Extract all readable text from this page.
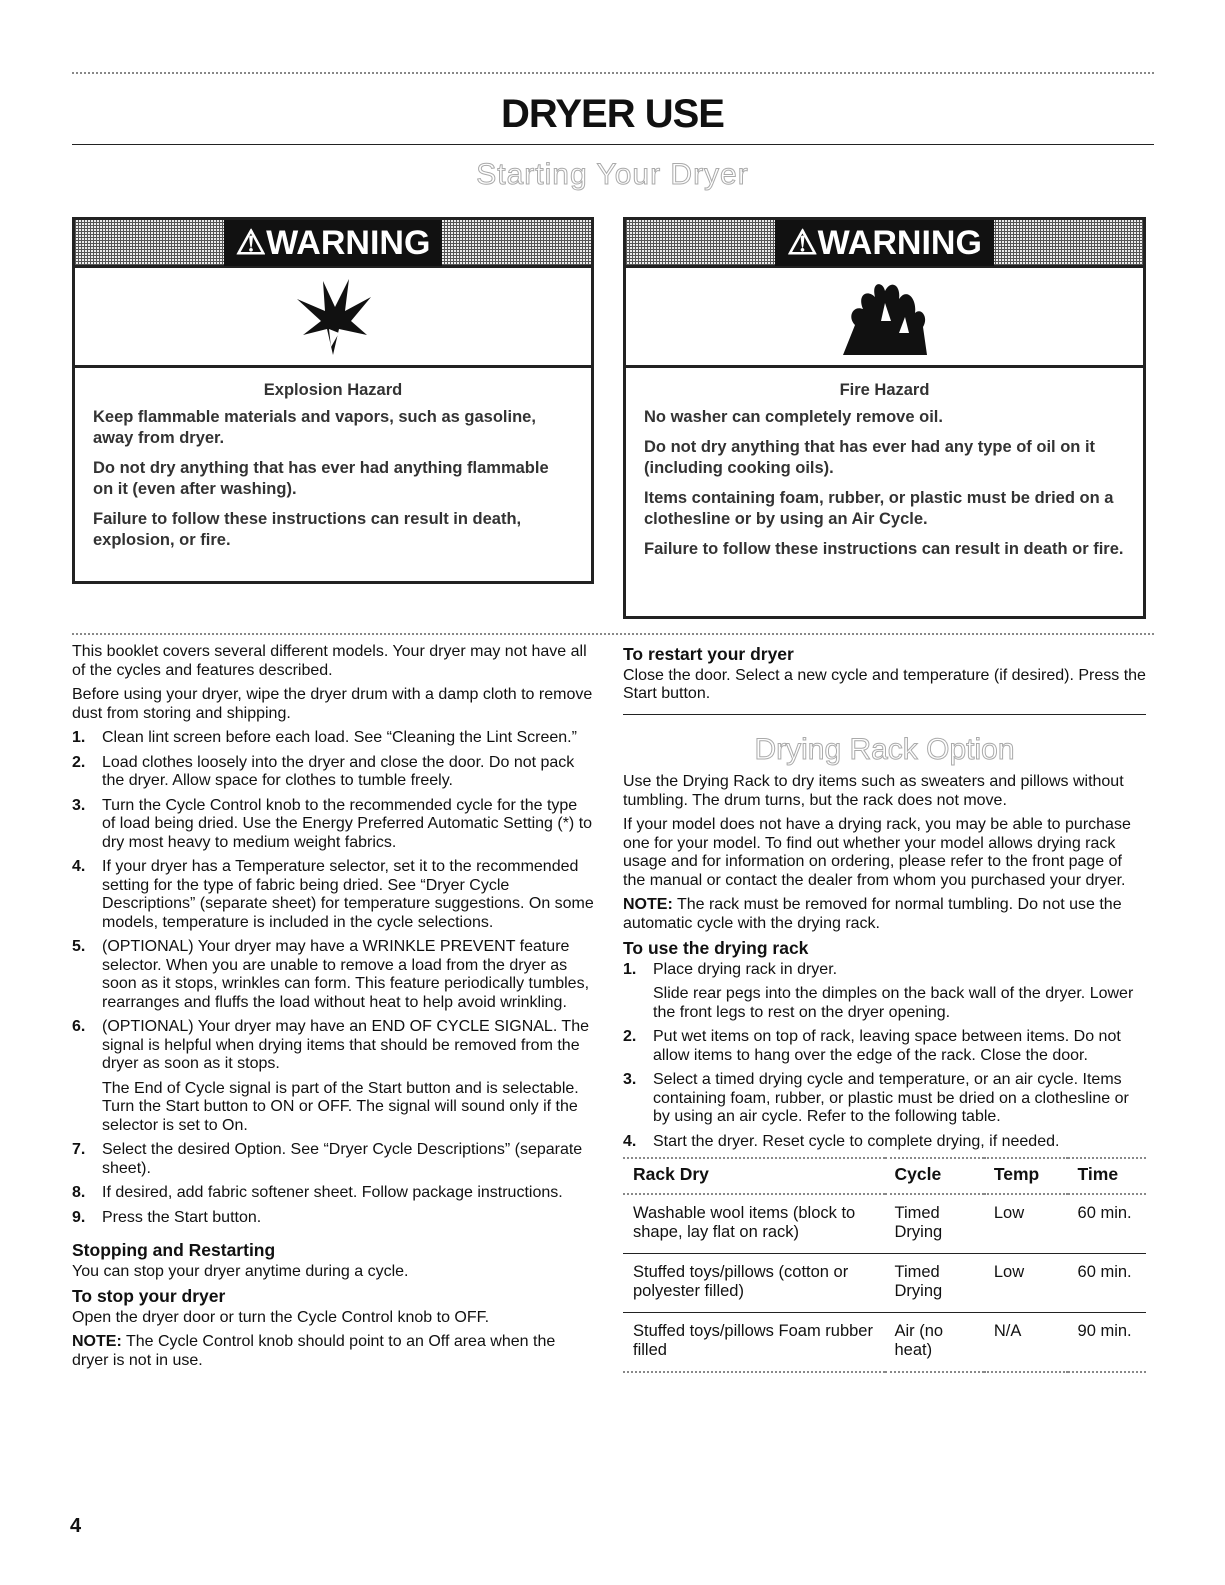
DRYER USE
Starting Your Dryer
⚠WARNING
Explosion Hazard

Keep flammable materials and vapors, such as gasoline, away from dryer.

Do not dry anything that has ever had anything flammable on it (even after washing).

Failure to follow these instructions can result in death, explosion, or fire.

⚠WARNING
Fire Hazard

No washer can completely remove oil.

Do not dry anything that has ever had any type of oil on it (including cooking oils).

Items containing foam, rubber, or plastic must be dried on a clothesline or by using an Air Cycle.

Failure to follow these instructions can result in death or fire.

This booklet covers several different models. Your dryer may not have all of the cycles and features described.

Before using your dryer, wipe the dryer drum with a damp cloth to remove dust from storing and shipping.

1. Clean lint screen before each load. See “Cleaning the Lint Screen.”

2. Load clothes loosely into the dryer and close the door. Do not pack the dryer. Allow space for clothes to tumble freely.

3. Turn the Cycle Control knob to the recommended cycle for the type of load being dried. Use the Energy Preferred Automatic Setting (*) to dry most heavy to medium weight fabrics.

4. If your dryer has a Temperature selector, set it to the recommended setting for the type of fabric being dried. See “Dryer Cycle Descriptions” (separate sheet) for temperature suggestions. On some models, temperature is included in the cycle selections.

5. (OPTIONAL) Your dryer may have a WRINKLE PREVENT feature selector. When you are unable to remove a load from the dryer as soon as it stops, wrinkles can form. This feature periodically tumbles, rearranges and fluffs the load without heat to help avoid wrinkling.

6. (OPTIONAL) Your dryer may have an END OF CYCLE SIGNAL. The signal is helpful when drying items that should be removed from the dryer as soon as it stops.

The End of Cycle signal is part of the Start button and is selectable. Turn the Start button to ON or OFF. The signal will sound only if the selector is set to On.

7. Select the desired Option. See “Dryer Cycle Descriptions” (separate sheet).

8. If desired, add fabric softener sheet. Follow package instructions.

9. Press the Start button.

Stopping and Restarting

You can stop your dryer anytime during a cycle.

To stop your dryer

Open the dryer door or turn the Cycle Control knob to OFF.

NOTE: The Cycle Control knob should point to an Off area when the dryer is not in use.

To restart your dryer

Close the door. Select a new cycle and temperature (if desired). Press the Start button.

Drying Rack Option

Use the Drying Rack to dry items such as sweaters and pillows without tumbling. The drum turns, but the rack does not move.

If your model does not have a drying rack, you may be able to purchase one for your model. To find out whether your model allows drying rack usage and for information on ordering, please refer to the front page of the manual or contact the dealer from whom you purchased your dryer.

NOTE: The rack must be removed for normal tumbling. Do not use the automatic cycle with the drying rack.

To use the drying rack
1. Place drying rack in dryer.

Slide rear pegs into the dimples on the back wall of the dryer. Lower the front legs to rest on the dryer opening.

2. Put wet items on top of rack, leaving space between items. Do not allow items to hang over the edge of the rack. Close the door.

3. Select a timed drying cycle and temperature, or an air cycle. Items containing foam, rubber, or plastic must be dried on a clothesline or by using an air cycle. Refer to the following table.

4. Start the dryer. Reset cycle to complete drying, if needed.

Rack Dry	Cycle	Temp	Time
Washable wool items (block to shape, lay flat on rack)	Timed Drying	Low	60 min.
Stuffed toys/pillows (cotton or polyester filled)	Timed Drying	Low	60 min.
Stuffed toys/pillows Foam rubber filled	Air (no heat)	N/A	90 min.
4
